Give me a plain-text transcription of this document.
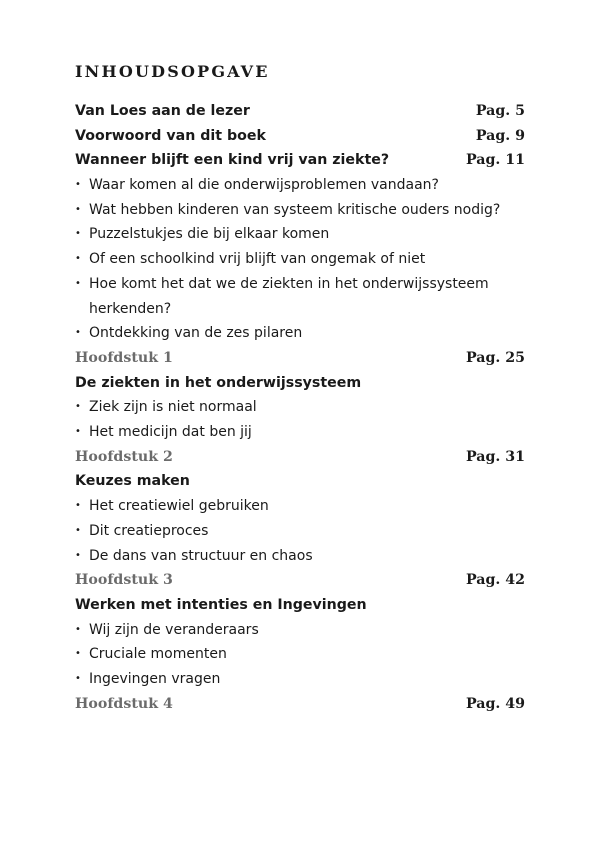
INHOUDSOPGAVE
Van Loes aan de lezer	Pag. 5
Voorwoord van dit boek	Pag. 9
Wanneer blijft een kind vrij van ziekte?	Pag. 11
• Waar komen al die onderwijsproblemen vandaan?
• Wat hebben kinderen van systeem kritische ouders nodig?
• Puzzelstukjes die bij elkaar komen
• Of een schoolkind vrij blijft van ongemak of niet
• Hoe komt het dat we de ziekten in het onderwijssysteem herkenden?
• Ontdekking van de zes pilaren
Hoofdstuk 1	Pag. 25
De ziekten in het onderwijssysteem
• Ziek zijn is niet normaal
• Het medicijn dat ben jij
Hoofdstuk 2	Pag. 31
Keuzes maken
• Het creatiewiel gebruiken
• Dit creatieproces
• De dans van structuur en chaos
Hoofdstuk 3	Pag. 42
Werken met intenties en Ingevingen
• Wij zijn de veranderaars
• Cruciale momenten
• Ingevingen vragen
Hoofdstuk 4	Pag. 49
